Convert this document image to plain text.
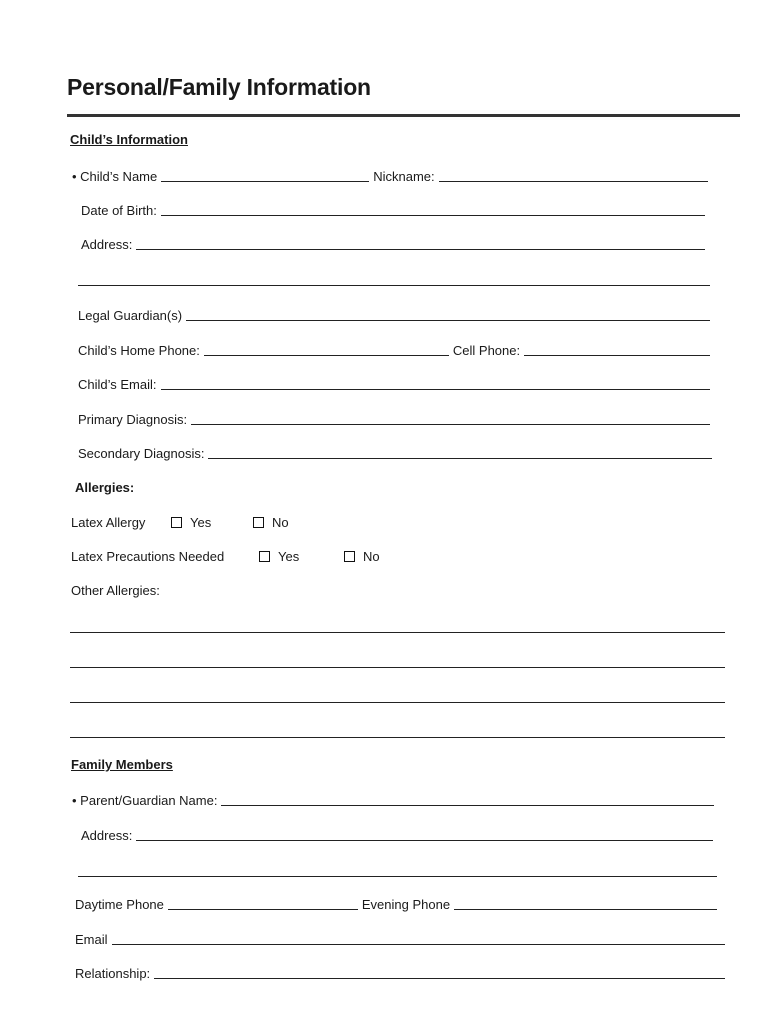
Personal/Family Information
Child’s Information
• Child’s Name	Nickname:
Date of Birth:
Address:
Legal Guardian(s)
Child’s Home Phone:	Cell Phone:
Child’s Email:
Primary Diagnosis:
Secondary Diagnosis:
Allergies:
Latex Allergy	Yes	No
Latex Precautions Needed	Yes	No
Other Allergies:
Family Members
• Parent/Guardian Name:
Address:
Daytime Phone	Evening Phone
Email
Relationship:
